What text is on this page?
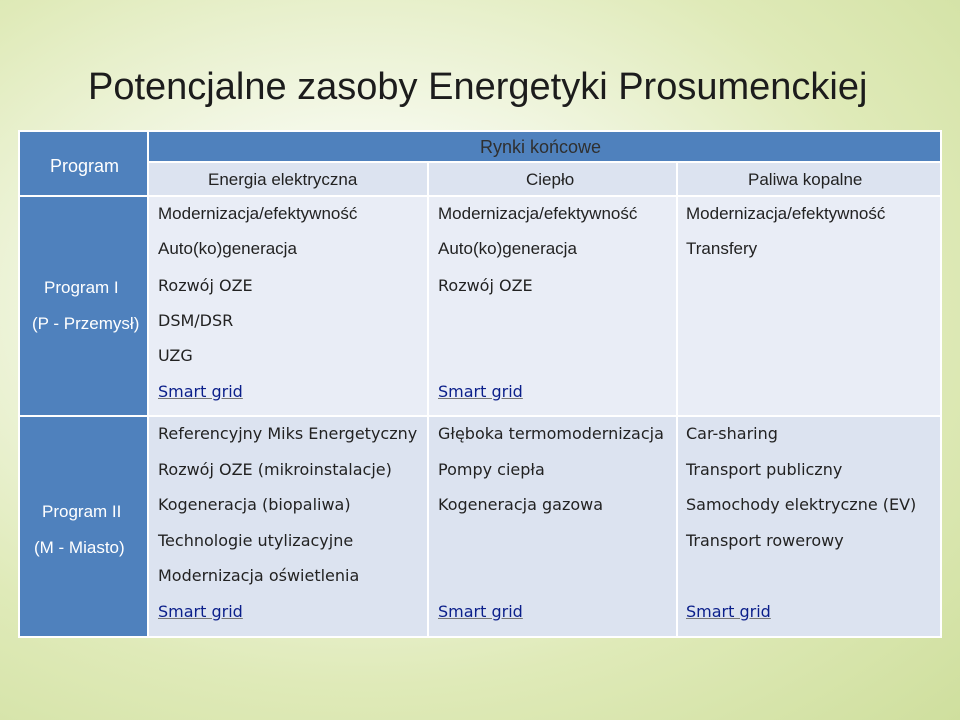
Potencjalne zasoby Energetyki Prosumenckiej
Program
Program I
(P - Przemysł)
Program II
(M - Miasto)
Rynki końcowe
Energia elektryczna	Ciepło	Paliwa kopalne
Modernizacja/efektywność
Auto(ko)generacja
Rozwój OZE
DSM/DSR
UZG
Smart grid
Modernizacja/efektywność
Auto(ko)generacja
Rozwój OZE
Smart grid
Modernizacja/efektywność
Transfery
Referencyjny Miks Energetyczny
Rozwój OZE (mikroinstalacje)
Kogeneracja (biopaliwa)
Technologie utylizacyjne
Modernizacja oświetlenia
Smart grid
Głęboka termomodernizacja
Pompy ciepła
Kogeneracja gazowa
Smart grid
Car-sharing
Transport publiczny
Samochody elektryczne (EV)
Transport rowerowy
Smart grid
